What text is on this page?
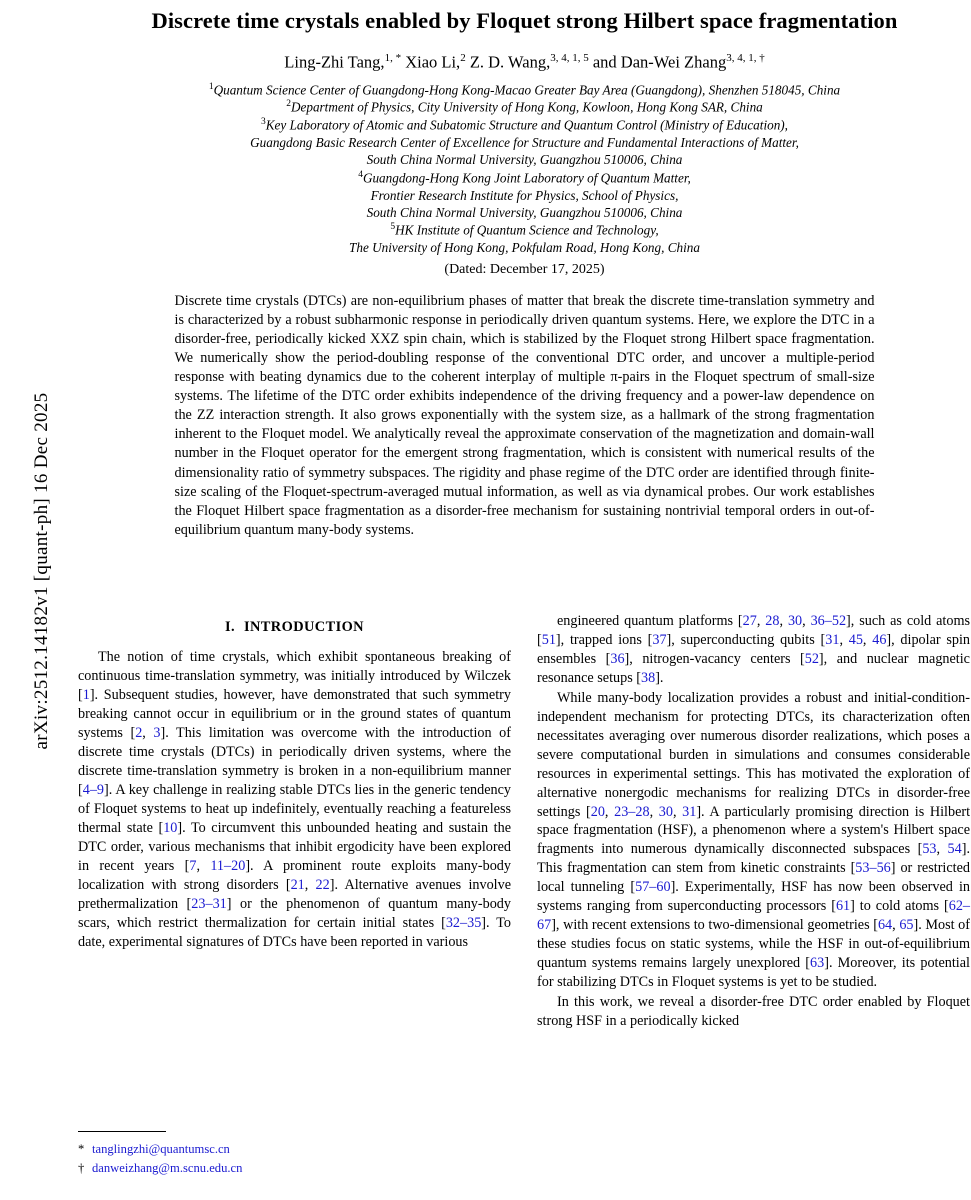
arXiv:2512.14182v1 [quant-ph] 16 Dec 2025
Discrete time crystals enabled by Floquet strong Hilbert space fragmentation
Ling-Zhi Tang,$^{1, *}$ Xiao Li,$^2$ Z. D. Wang,$^{3, 4, 1, 5}$ and Dan-Wei Zhang$^{3, 4, 1, \dagger}$
$^1$Quantum Science Center of Guangdong-Hong Kong-Macao Greater Bay Area (Guangdong), Shenzhen 518045, China
$^2$Department of Physics, City University of Hong Kong, Kowloon, Hong Kong SAR, China
$^3$Key Laboratory of Atomic and Subatomic Structure and Quantum Control (Ministry of Education),
Guangdong Basic Research Center of Excellence for Structure and Fundamental Interactions of Matter,
South China Normal University, Guangzhou 510006, China
$^4$Guangdong-Hong Kong Joint Laboratory of Quantum Matter,
Frontier Research Institute for Physics, School of Physics,
South China Normal University, Guangzhou 510006, China
$^5$HK Institute of Quantum Science and Technology,
The University of Hong Kong, Pokfulam Road, Hong Kong, China
(Dated: December 17, 2025)
Discrete time crystals (DTCs) are non-equilibrium phases of matter that break the discrete time-translation symmetry and is characterized by a robust subharmonic response in periodically driven quantum systems. Here, we explore the DTC in a disorder-free, periodically kicked XXZ spin chain, which is stabilized by the Floquet strong Hilbert space fragmentation. We numerically show the period-doubling response of the conventional DTC order, and uncover a multiple-period response with beating dynamics due to the coherent interplay of multiple π-pairs in the Floquet spectrum of small-size systems. The lifetime of the DTC order exhibits independence of the driving frequency and a power-law dependence on the ZZ interaction strength. It also grows exponentially with the system size, as a hallmark of the strong fragmentation inherent to the Floquet model. We analytically reveal the approximate conservation of the magnetization and domain-wall number in the Floquet operator for the emergent strong fragmentation, which is consistent with numerical results of the dimensionality ratio of symmetry subspaces. The rigidity and phase regime of the DTC order are identified through finite-size scaling of the Floquet-spectrum-averaged mutual information, as well as via dynamical probes. Our work establishes the Floquet Hilbert space fragmentation as a disorder-free mechanism for sustaining nontrivial temporal orders in out-of-equilibrium quantum many-body systems.
I. INTRODUCTION

The notion of time crystals, which exhibit spontaneous breaking of continuous time-translation symmetry, was initially introduced by Wilczek [1]. Subsequent studies, however, have demonstrated that such symmetry breaking cannot occur in equilibrium or in the ground states of quantum systems [2, 3]. This limitation was overcome with the introduction of discrete time crystals (DTCs) in periodically driven systems, where the discrete time-translation symmetry is broken in a non-equilibrium manner [4–9]. A key challenge in realizing stable DTCs lies in the generic tendency of Floquet systems to heat up indefinitely, eventually reaching a featureless thermal state [10]. To circumvent this unbounded heating and sustain the DTC order, various mechanisms that inhibit ergodicity have been explored in recent years [7, 11–20]. A prominent route exploits many-body localization with strong disorders [21, 22]. Alternative avenues involve prethermalization [23–31] or the phenomenon of quantum many-body scars, which restrict thermalization for certain initial states [32–35]. To date, experimental signatures of DTCs have been reported in various

engineered quantum platforms [27, 28, 30, 36–52], such as cold atoms [51], trapped ions [37], superconducting qubits [31, 45, 46], dipolar spin ensembles [36], nitrogen-vacancy centers [52], and nuclear magnetic resonance setups [38].

While many-body localization provides a robust and initial-condition-independent mechanism for protecting DTCs, its characterization often necessitates averaging over numerous disorder realizations, which poses a severe computational burden in simulations and consumes considerable resources in experimental settings. This has motivated the exploration of alternative nonergodic mechanisms for realizing DTCs in disorder-free settings [20, 23–28, 30, 31]. A particularly promising direction is Hilbert space fragmentation (HSF), a phenomenon where a system's Hilbert space fragments into numerous dynamically disconnected subspaces [53, 54]. This fragmentation can stem from kinetic constraints [53–56] or restricted local tunneling [57–60]. Experimentally, HSF has now been observed in systems ranging from superconducting processors [61] to cold atoms [62–67], with recent extensions to two-dimensional geometries [64, 65]. Most of these studies focus on static systems, while the HSF in out-of-equilibrium quantum systems remains largely unexplored [63]. Moreover, its potential for stabilizing DTCs in Floquet systems is yet to be studied.

In this work, we reveal a disorder-free DTC order enabled by Floquet strong HSF in a periodically kicked

* tanglingzhi@quantumsc.cn
† danweizhang@m.scnu.edu.cn
